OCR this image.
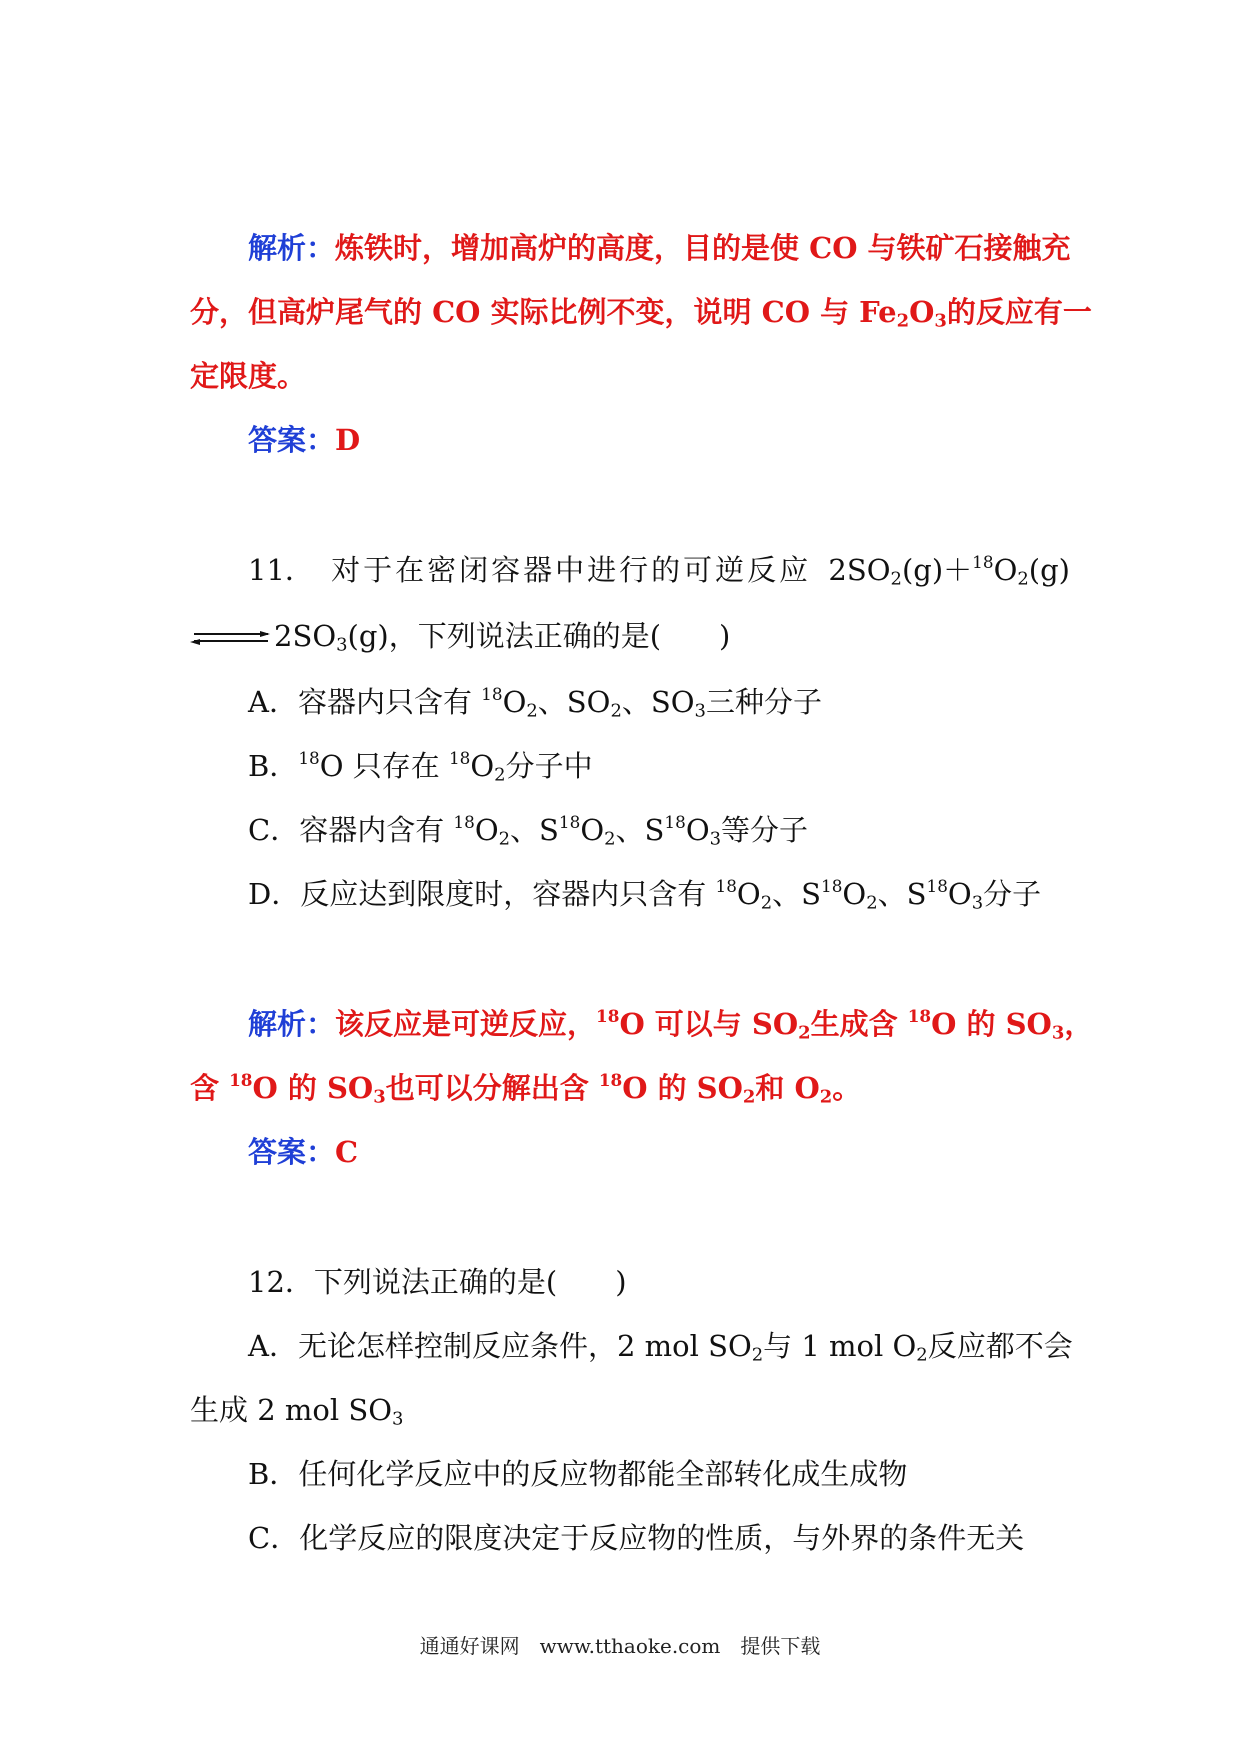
解析：炼铁时，增加高炉的高度，目的是使 CO 与铁矿石接触充
分，但高炉尾气的 CO 实际比例不变，说明 CO 与 $Fe_2O_3$的反应有一
定限度。
答案：D
11． 对于在密闭容器中进行的可逆反应 $2SO_2(g)+^{18}O_2(g)$
$2SO_3(g)$，下列说法正确的是(　　)
A．容器内只含有 $^{18}O_2$、$SO_2$、$SO_3$三种分子
B．$^{18}$O 只存在 $^{18}O_2$分子中
C．容器内含有 $^{18}O_2$、$S^{18}O_2$、$S^{18}O_3$等分子
D．反应达到限度时，容器内只含有 $^{18}O_2$、$S^{18}O_2$、$S^{18}O_3$分子
解析：该反应是可逆反应，$^{18}$O 可以与 $SO_2$生成含 $^{18}$O 的 $SO_3$，
含 $^{18}$O 的 $SO_3$也可以分解出含 $^{18}$O 的 $SO_2$和 $O_2$。
答案：C
12．下列说法正确的是(　　)
A．无论怎样控制反应条件，2 mol $SO_2$与 1 mol $O_2$反应都不会
生成 2 mol $SO_3$
B．任何化学反应中的反应物都能全部转化成生成物
C．化学反应的限度决定于反应物的性质，与外界的条件无关
通通好课网　www.tthaoke.com　提供下载
